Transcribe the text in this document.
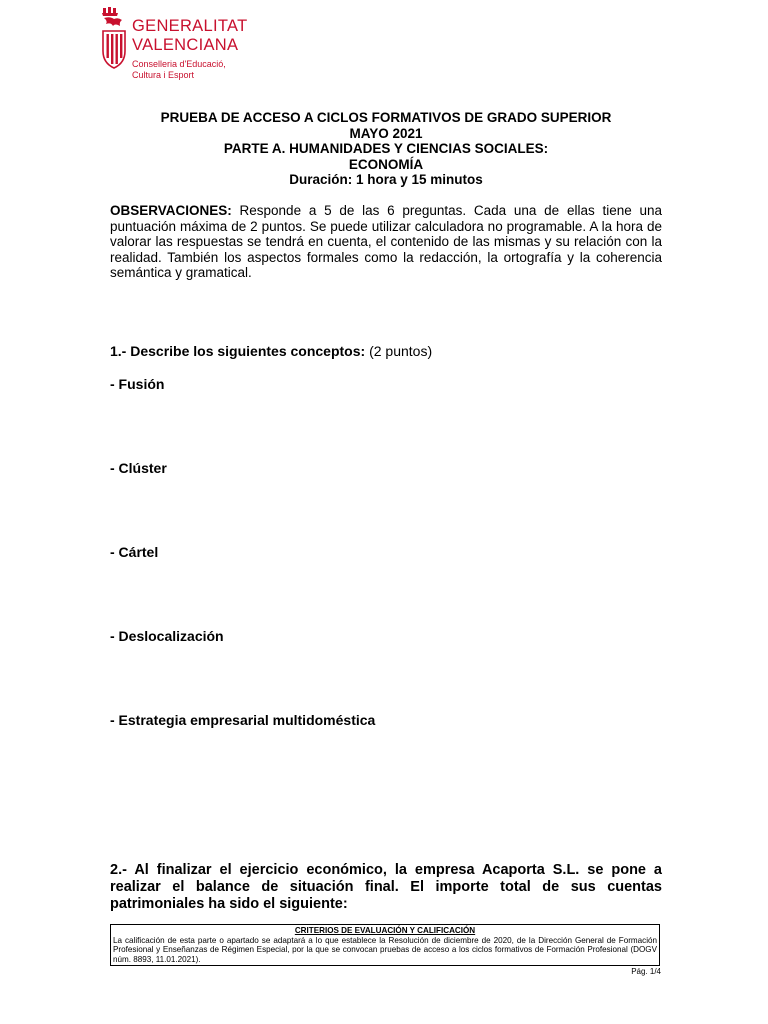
GENERALITAT
VALENCIANA
Conselleria d'Educació,
Cultura i Esport
PRUEBA DE ACCESO A CICLOS FORMATIVOS DE GRADO SUPERIOR
MAYO 2021
PARTE A. HUMANIDADES Y CIENCIAS SOCIALES:
ECONOMÍA
Duración: 1 hora y 15 minutos
OBSERVACIONES: Responde a 5 de las 6 preguntas. Cada una de ellas tiene una puntuación máxima de 2 puntos. Se puede utilizar calculadora no programable. A la hora de valorar las respuestas se tendrá en cuenta, el contenido de las mismas y su relación con la realidad. También los aspectos formales como la redacción, la ortografía y la coherencia semántica y gramatical.
1.- Describe los siguientes conceptos: (2 puntos)
- Fusión
- Clúster
- Cártel
- Deslocalización
- Estrategia empresarial multidoméstica
2.- Al finalizar el ejercicio económico, la empresa Acaporta S.L. se pone a realizar el balance de situación final. El importe total de sus cuentas patrimoniales ha sido el siguiente:
CRITERIOS DE EVALUACIÓN Y CALIFICACIÓN
La calificación de esta parte o apartado se adaptará a lo que establece la Resolución de diciembre de 2020, de la Dirección General de Formación Profesional y Enseñanzas de Régimen Especial, por la que se convocan pruebas de acceso a los ciclos formativos de Formación Profesional (DOGV núm. 8893, 11.01.2021).
Pág. 1/4
